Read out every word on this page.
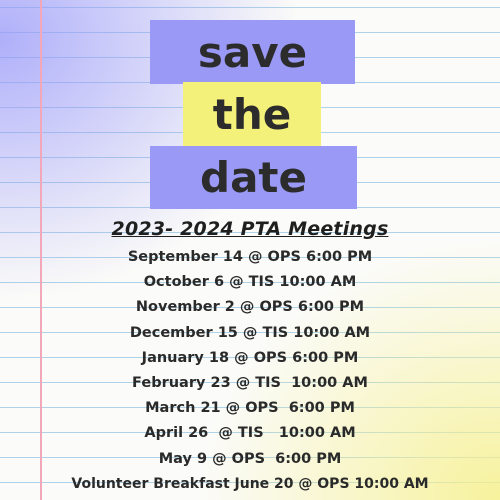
save
the
date
2023- 2024 PTA Meetings
September 14 @ OPS 6:00 PM
October 6 @ TIS 10:00 AM
November 2 @ OPS 6:00 PM
December 15 @ TIS 10:00 AM
January 18 @ OPS 6:00 PM
February 23 @ TIS  10:00 AM
March 21 @ OPS  6:00 PM
April 26  @ TIS   10:00 AM
May 9 @ OPS  6:00 PM
Volunteer Breakfast June 20 @ OPS 10:00 AM
